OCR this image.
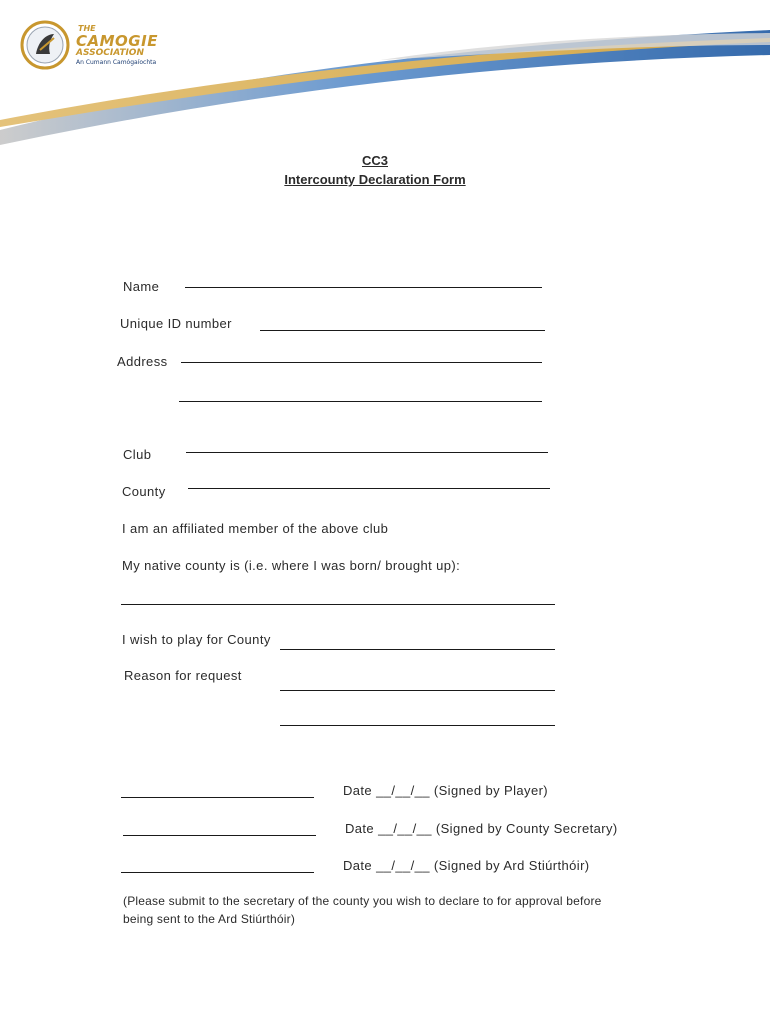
THE
CAMOGIE
ASSOCIATION
An Cumann Camógaíochta
CC3
Intercounty Declaration Form
Name
Unique ID number
Address
Club
County
I am an affiliated member of the above club
My native county is (i.e. where I was born/ brought up):
I wish to play for County
Reason for request
Date __/__/__ (Signed by Player)
Date __/__/__ (Signed by County Secretary)
Date __/__/__ (Signed by Ard Stiúrthóir)
(Please submit to the secretary of the county you wish to declare to for approval before
being sent to the Ard Stiúrthóir)
